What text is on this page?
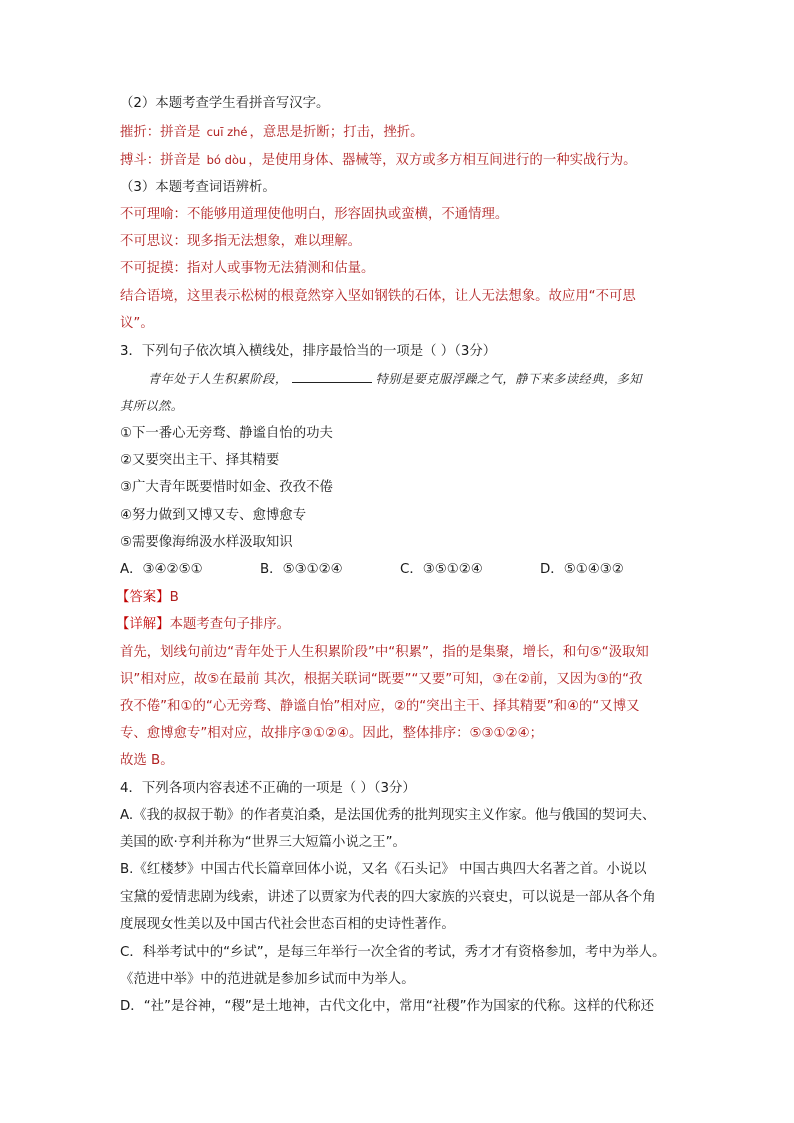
（2）本题考查学生看拼音写汉字。
摧折：拼音是 cuī zhé ，意思是折断；打击，挫折。
搏斗：拼音是 bó dòu ，是使用身体、器械等，双方或多方相互间进行的一种实战行为。
（3）本题考查词语辨析。
不可理喻：不能够用道理使他明白，形容固执或蛮横，不通情理。
不可思议：现多指无法想象，难以理解。
不可捉摸：指对人或事物无法猜测和估量。
结合语境，这里表示松树的根竟然穿入坚如钢铁的石体，让人无法想象。故应用“不可思
议”。
3．下列句子依次填入横线处，排序最恰当的一项是（ ）（3分）
青年处于人生积累阶段，	特别是要克服浮躁之气，静下来多读经典，多知
其所以然。
①下一番心无旁骛、静谧自怡的功夫
②又要突出主干、择其精要
③广大青年既要惜时如金、孜孜不倦
④努力做到又博又专、愈博愈专
⑤需要像海绵汲水样汲取知识
A．③④②⑤①	B．⑤③①②④	C．③⑤①②④	D．⑤①④③②
【答案】B
【详解】本题考查句子排序。
首先，划线句前边“青年处于人生积累阶段”中“积累”，指的是集聚，增长，和句⑤“汲取知
识”相对应，故⑤在最前 其次，根据关联词“既要”“又要”可知，③在②前，又因为③的“孜
孜不倦”和①的“心无旁骛、静谧自怡”相对应，②的“突出主干、择其精要”和④的“又博又
专、愈博愈专”相对应，故排序③①②④。因此，整体排序：⑤③①②④；
故选 B。
4．下列各项内容表述不正确的一项是（ ）（3分）
A.《我的叔叔于勒》的作者莫泊桑，是法国优秀的批判现实主义作家。他与俄国的契诃夫、
美国的欧·亨利并称为“世界三大短篇小说之王”。
B.《红楼梦》中国古代长篇章回体小说，又名《石头记》 中国古典四大名著之首。小说以
宝黛的爱情悲剧为线索，讲述了以贾家为代表的四大家族的兴衰史，可以说是一部从各个角
度展现女性美以及中国古代社会世态百相的史诗性著作。
C．科举考试中的“乡试”，是每三年举行一次全省的考试，秀才才有资格参加，考中为举人。
《范进中举》中的范进就是参加乡试而中为举人。
D．“社”是谷神，“稷”是土地神，古代文化中，常用“社稷”作为国家的代称。这样的代称还
